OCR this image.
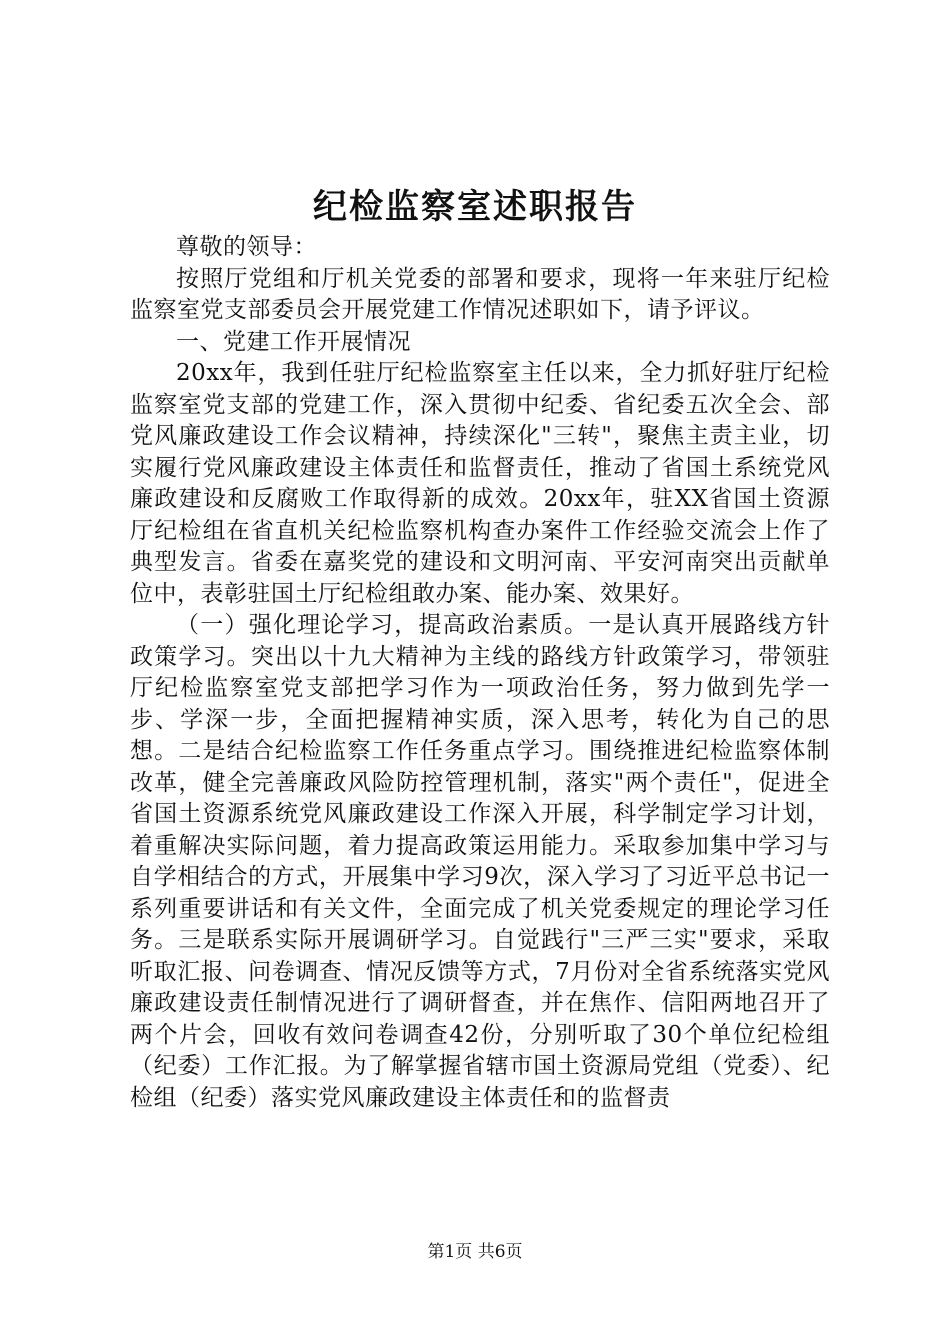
纪检监察室述职报告

尊敬的领导：

按照厅党组和厅机关党委的部署和要求，现将一年来驻厅纪检监察室党支部委员会开展党建工作情况述职如下，请予评议。

一、党建工作开展情况

20xx年，我到任驻厅纪检监察室主任以来，全力抓好驻厅纪检监察室党支部的党建工作，深入贯彻中纪委、省纪委五次全会、部党风廉政建设工作会议精神，持续深化"三转"，聚焦主责主业，切实履行党风廉政建设主体责任和监督责任，推动了省国土系统党风廉政建设和反腐败工作取得新的成效。20xx年，驻XX省国土资源厅纪检组在省直机关纪检监察机构查办案件工作经验交流会上作了典型发言。省委在嘉奖党的建设和文明河南、平安河南突出贡献单位中，表彰驻国土厅纪检组敢办案、能办案、效果好。

（一）强化理论学习，提高政治素质。一是认真开展路线方针政策学习。突出以十九大精神为主线的路线方针政策学习，带领驻厅纪检监察室党支部把学习作为一项政治任务，努力做到先学一步、学深一步，全面把握精神实质，深入思考，转化为自己的思想。二是结合纪检监察工作任务重点学习。围绕推进纪检监察体制改革，健全完善廉政风险防控管理机制，落实"两个责任"，促进全省国土资源系统党风廉政建设工作深入开展，科学制定学习计划，着重解决实际问题，着力提高政策运用能力。采取参加集中学习与自学相结合的方式，开展集中学习9次，深入学习了习近平总书记一系列重要讲话和有关文件，全面完成了机关党委规定的理论学习任务。三是联系实际开展调研学习。自觉践行"三严三实"要求，采取听取汇报、问卷调查、情况反馈等方式，7月份对全省系统落实党风廉政建设责任制情况进行了调研督查，并在焦作、信阳两地召开了两个片会，回收有效问卷调查42份，分别听取了30个单位纪检组（纪委）工作汇报。为了解掌握省辖市国土资源局党组（党委）、纪检组（纪委）落实党风廉政建设主体责任和的监督责

第1页 共6页
